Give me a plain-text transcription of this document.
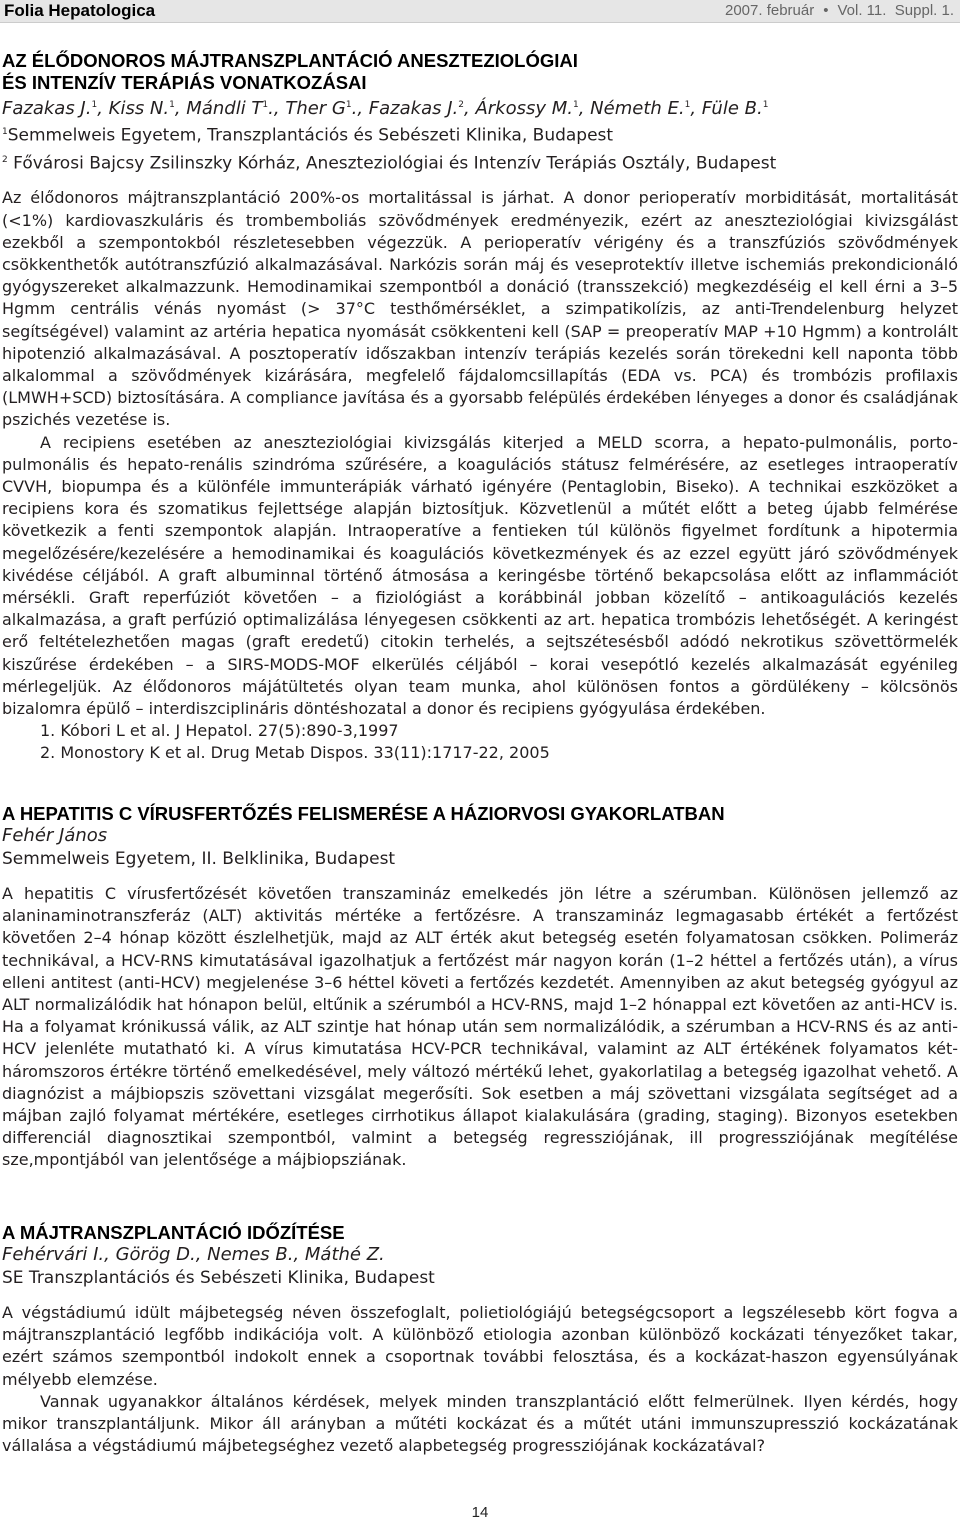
Folia Hepatologica	2007. február • Vol. 11. Suppl. 1.
AZ ÉLŐDONOROS MÁJTRANSZPLANTÁCIÓ ANESZTEZIOLÓGIAI
ÉS INTENZÍV TERÁPIÁS VONATKOZÁSAI
Fazakas J.$^1$, Kiss N.$^1$, Mándli $T^1$., Ther $G^1$., Fazakas J.$^2$, Árkossy M.$^1$, Németh E.$^1$, Füle B.$^1$
$^1$Semmelweis Egyetem, Transzplantációs és Sebészeti Klinika, Budapest
$^2$ Fővárosi Bajcsy Zsilinszky Kórház, Aneszteziológiai és Intenzív Terápiás Osztály, Budapest

Az élődonoros májtranszplantáció 200%-os mortalitással is járhat. A donor perioperatív morbiditását, mortalitását (<1%) kardiovaszkuláris és trombemboliás szövődmények eredményezik, ezért az aneszteziológiai kivizsgálást ezekből a szempontokból részletesebben végezzük. A perioperatív vérigény és a transzfúziós szövődmények csökkenthetők autótranszfúzió alkalmazásával. Narkózis során máj és veseprotektív illetve ischemiás prekondicionáló gyógyszereket alkalmazzunk. Hemodinamikai szempontból a donáció (transszekció) megkezdéséig el kell érni a 3–5 Hgmm centrális vénás nyomást (> 37°C testhőmérséklet, a szimpatikolízis, az anti-Trendelenburg helyzet segítségével) valamint az artéria hepatica nyomását csökkenteni kell (SAP = preoperatív MAP +10 Hgmm) a kontrolált hipotenzió alkalmazásával. A posztoperatív időszakban intenzív terápiás kezelés során törekedni kell naponta több alkalommal a szövődmények kizárására, megfelelő fájdalomcsillapítás (EDA vs. PCA) és trombózis profilaxis (LMWH+SCD) biztosítására. A compliance javítása és a gyorsabb felépülés érdekében lényeges a donor és családjának pszichés vezetése is.

A recipiens esetében az aneszteziológiai kivizsgálás kiterjed a MELD scorra, a hepato-pulmonális, porto-pulmonális és hepato-renális szindróma szűrésére, a koagulációs státusz felmérésére, az esetleges intraoperatív CVVH, biopumpa és a különféle immunterápiák várható igényére (Pentaglobin, Biseko). A technikai eszközöket a recipiens kora és szomatikus fejlettsége alapján biztosítjuk. Közvetlenül a műtét előtt a beteg újabb felmérése következik a fenti szempontok alapján. Intraoperatíve a fentieken túl különös figyelmet fordítunk a hipotermia megelőzésére/kezelésére a hemodinamikai és koagulációs következmények és az ezzel együtt járó szövődmények kivédése céljából. A graft albuminnal történő átmosása a keringésbe történő bekapcsolása előtt az inflammációt mérsékli. Graft reperfúziót követően – a fiziológiást a korábbinál jobban közelítő – antikoagulációs kezelés alkalmazása, a graft perfúzió optimalizálása lényegesen csökkenti az art. hepatica trombózis lehetőségét. A keringést erő feltételezhetően magas (graft eredetű) citokin terhelés, a sejtszétesésből adódó nekrotikus szövettörmelék kiszűrése érdekében – a SIRS-MODS-MOF elkerülés céljából – korai vesepótló kezelés alkalmazását egyénileg mérlegeljük. Az élődonoros májátültetés olyan team munka, ahol különösen fontos a gördülékeny – kölcsönös bizalomra épülő – interdiszciplináris döntéshozatal a donor és recipiens gyógyulása érdekében.

1. Kóbori L et al. J Hepatol. 27(5):890-3,1997
2. Monostory K et al. Drug Metab Dispos. 33(11):1717-22, 2005
A HEPATITIS C VÍRUSFERTŐZÉS FELISMERÉSE A HÁZIORVOSI GYAKORLATBAN
Fehér János
Semmelweis Egyetem, II. Belklinika, Budapest

A hepatitis C vírusfertőzését követően transzamináz emelkedés jön létre a szérumban. Különösen jellemző az alaninaminotranszferáz (ALT) aktivitás mértéke a fertőzésre. A transzamináz legmagasabb értékét a fertőzést követően 2–4 hónap között észlelhetjük, majd az ALT érték akut betegség esetén folyamatosan csökken. Polimeráz technikával, a HCV-RNS kimutatásával igazolhatjuk a fertőzést már nagyon korán (1–2 héttel a fertőzés után), a vírus elleni antitest (anti-HCV) megjelenése 3–6 héttel követi a fertőzés kezdetét. Amennyiben az akut betegség gyógyul az ALT normalizálódik hat hónapon belül, eltűnik a szérumból a HCV-RNS, majd 1–2 hónappal ezt követően az anti-HCV is. Ha a folyamat krónikussá válik, az ALT szintje hat hónap után sem normalizálódik, a szérumban a HCV-RNS és az anti-HCV jelenléte mutatható ki. A vírus kimutatása HCV-PCR technikával, valamint az ALT értékének folyamatos két-háromszoros értékre történő emelkedésével, mely változó mértékű lehet, gyakorlatilag a betegség igazolhat vehető. A diagnózist a májbiopszis szövettani vizsgálat megerősíti. Sok esetben a máj szövettani vizsgálata segítséget ad a májban zajló folyamat mértékére, esetleges cirrhotikus állapot kialakulására (grading, staging). Bizonyos esetekben differenciál diagnosztikai szempontból, valmint a betegség regressziójának, ill progressziójának megítélése sze,mpontjából van jelentősége a májbiopsziának.

A MÁJTRANSZPLANTÁCIÓ IDŐZÍTÉSE
Fehérvári I., Görög D., Nemes B., Máthé Z.
SE Transzplantációs és Sebészeti Klinika, Budapest

A végstádiumú idült májbetegség néven összefoglalt, polietiológiájú betegségcsoport a legszélesebb kört fogva a májtranszplantáció legfőbb indikációja volt. A különböző etiologia azonban különböző kockázati tényezőket takar, ezért számos szempontból indokolt ennek a csoportnak további felosztása, és a kockázat-haszon egyensúlyának mélyebb elemzése.

Vannak ugyanakkor általános kérdések, melyek minden transzplantáció előtt felmerülnek. Ilyen kérdés, hogy mikor transzplantáljunk. Mikor áll arányban a műtéti kockázat és a műtét utáni immunszupresszió kockázatának vállalása a végstádiumú májbetegséghez vezető alapbetegség progressziójának kockázatával?

14
